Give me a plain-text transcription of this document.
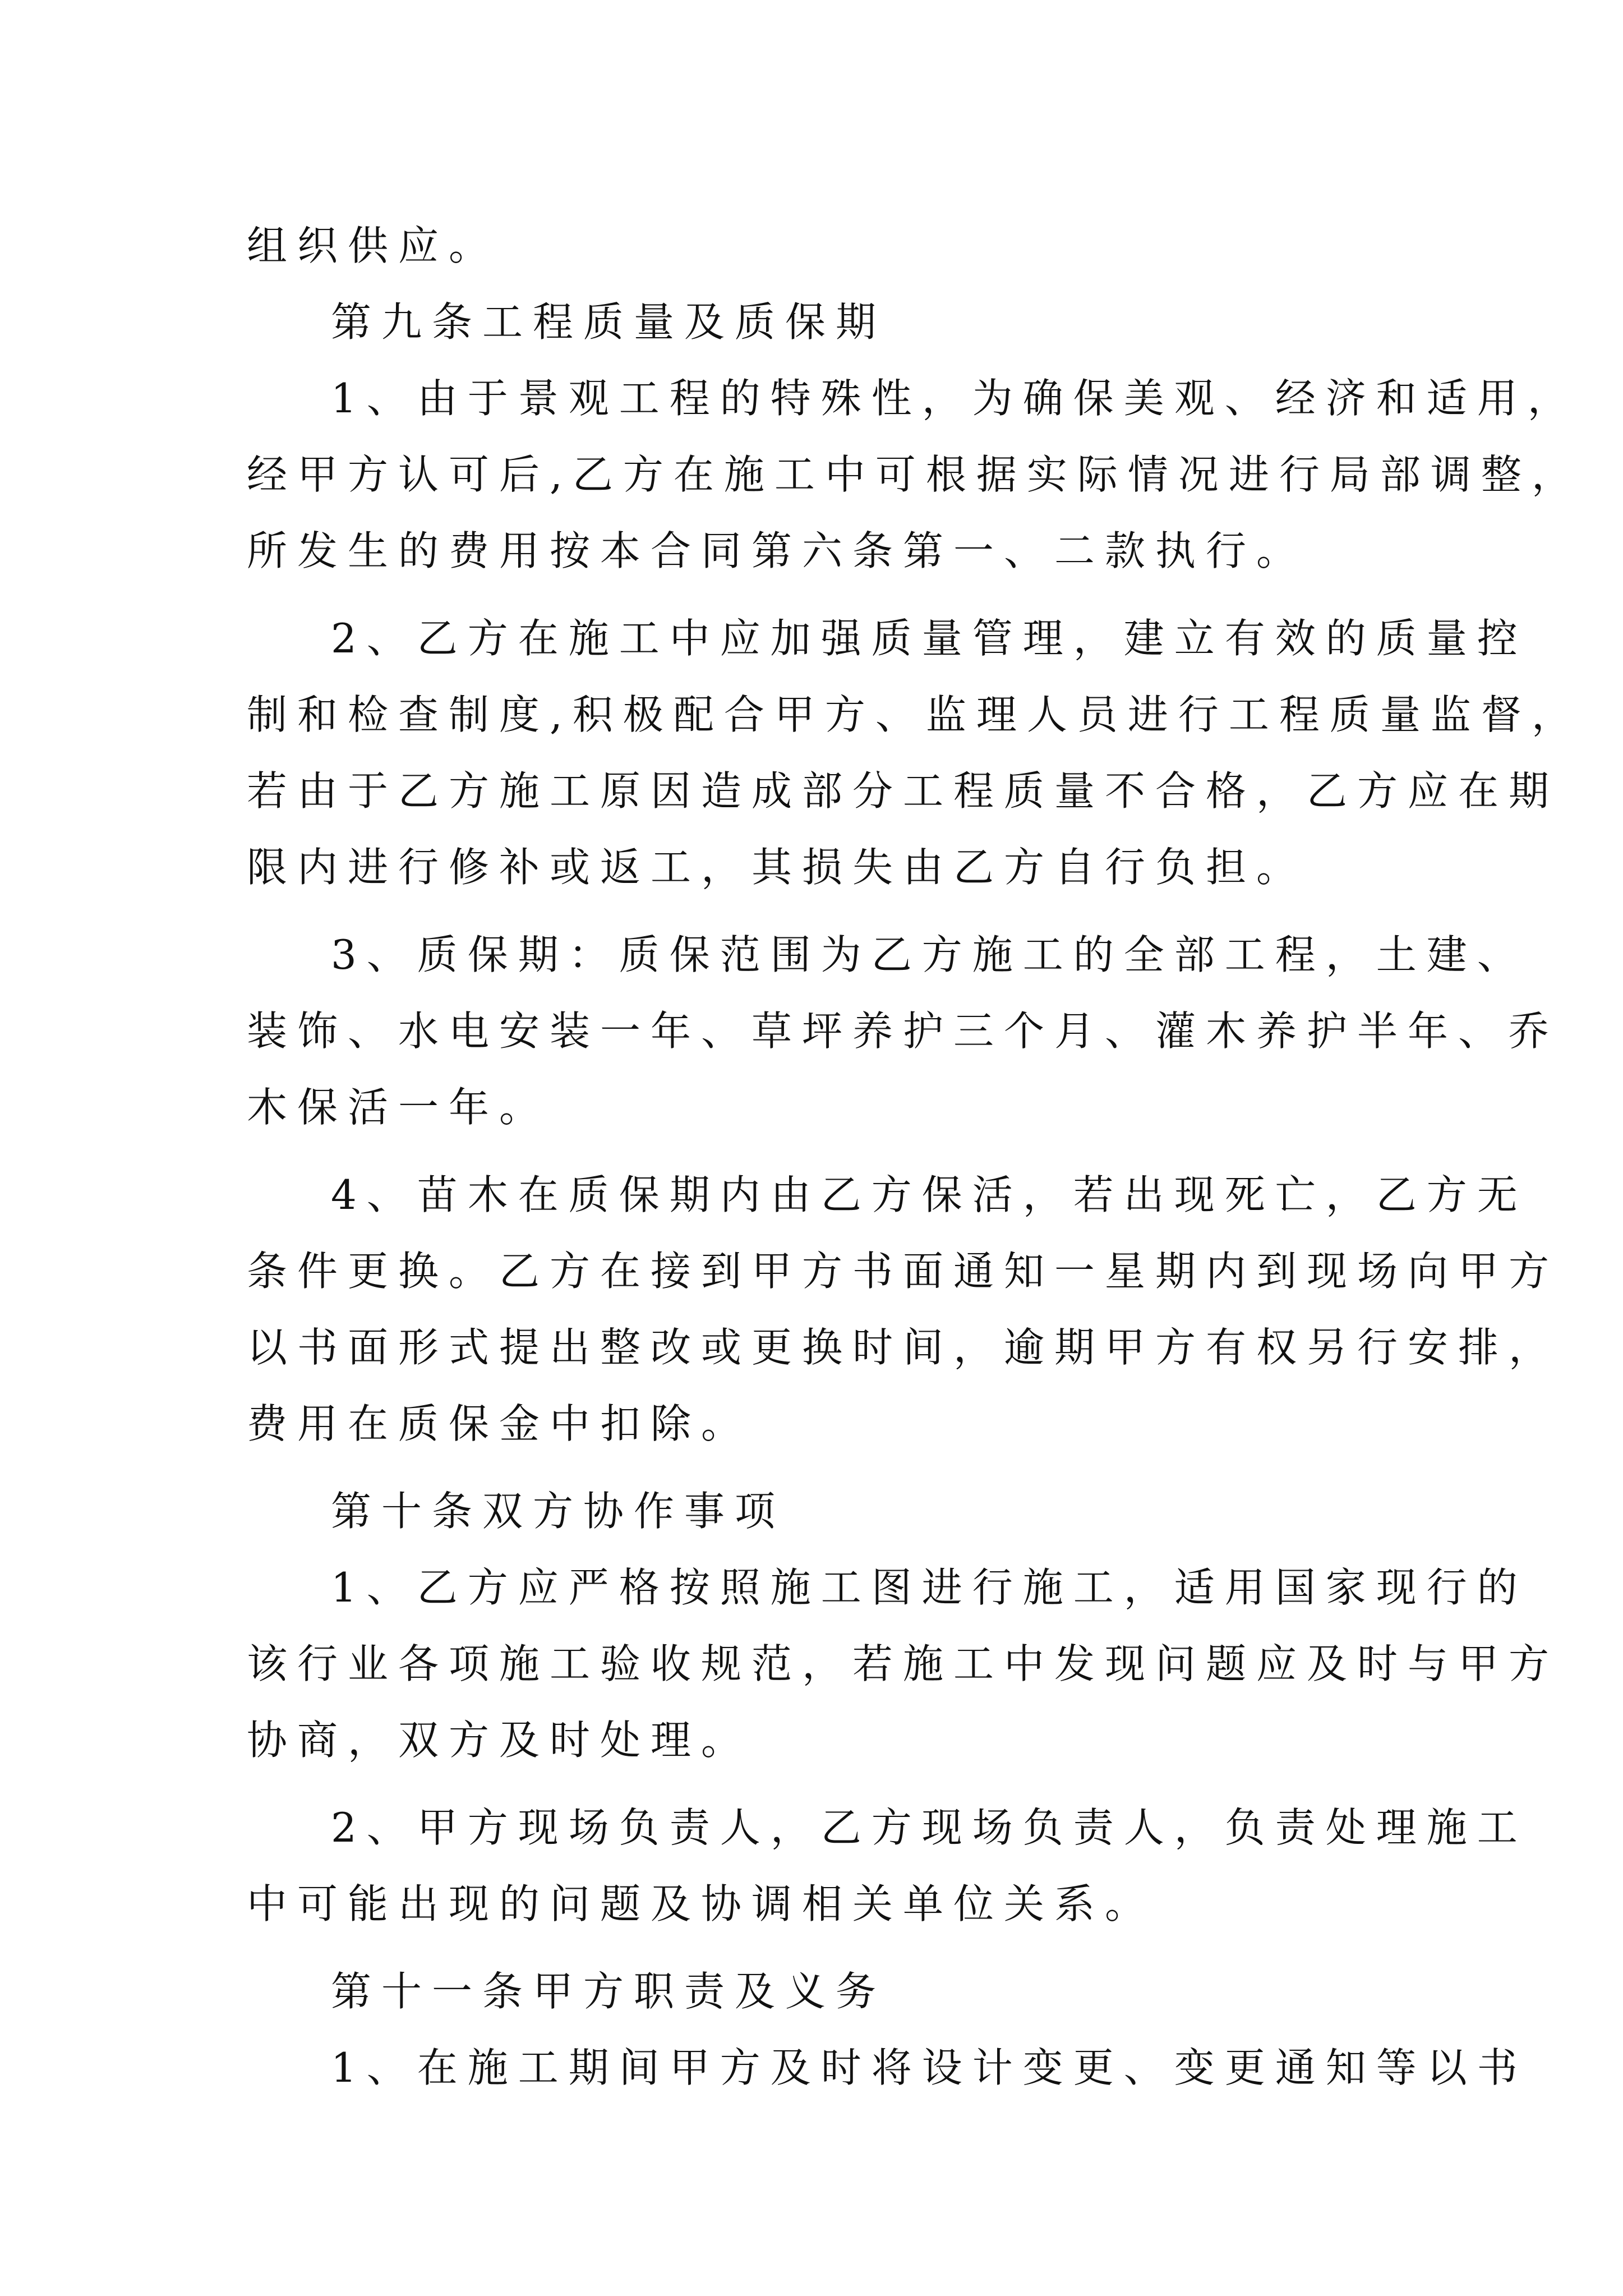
组织供应。
第九条工程质量及质保期
1、由于景观工程的特殊性，为确保美观、经济和适用，
经甲方认可后,乙方在施工中可根据实际情况进行局部调整，
所发生的费用按本合同第六条第一、二款执行。
2、乙方在施工中应加强质量管理，建立有效的质量控
制和检查制度,积极配合甲方、监理人员进行工程质量监督，
若由于乙方施工原因造成部分工程质量不合格，乙方应在期
限内进行修补或返工，其损失由乙方自行负担。
3、质保期：质保范围为乙方施工的全部工程，土建、
装饰、水电安装一年、草坪养护三个月、灌木养护半年、乔
木保活一年。
4、苗木在质保期内由乙方保活，若出现死亡，乙方无
条件更换。乙方在接到甲方书面通知一星期内到现场向甲方
以书面形式提出整改或更换时间，逾期甲方有权另行安排，
费用在质保金中扣除。
第十条双方协作事项
1、乙方应严格按照施工图进行施工，适用国家现行的
该行业各项施工验收规范，若施工中发现问题应及时与甲方
协商，双方及时处理。
2、甲方现场负责人，乙方现场负责人，负责处理施工
中可能出现的问题及协调相关单位关系。
第十一条甲方职责及义务
1、在施工期间甲方及时将设计变更、变更通知等以书
